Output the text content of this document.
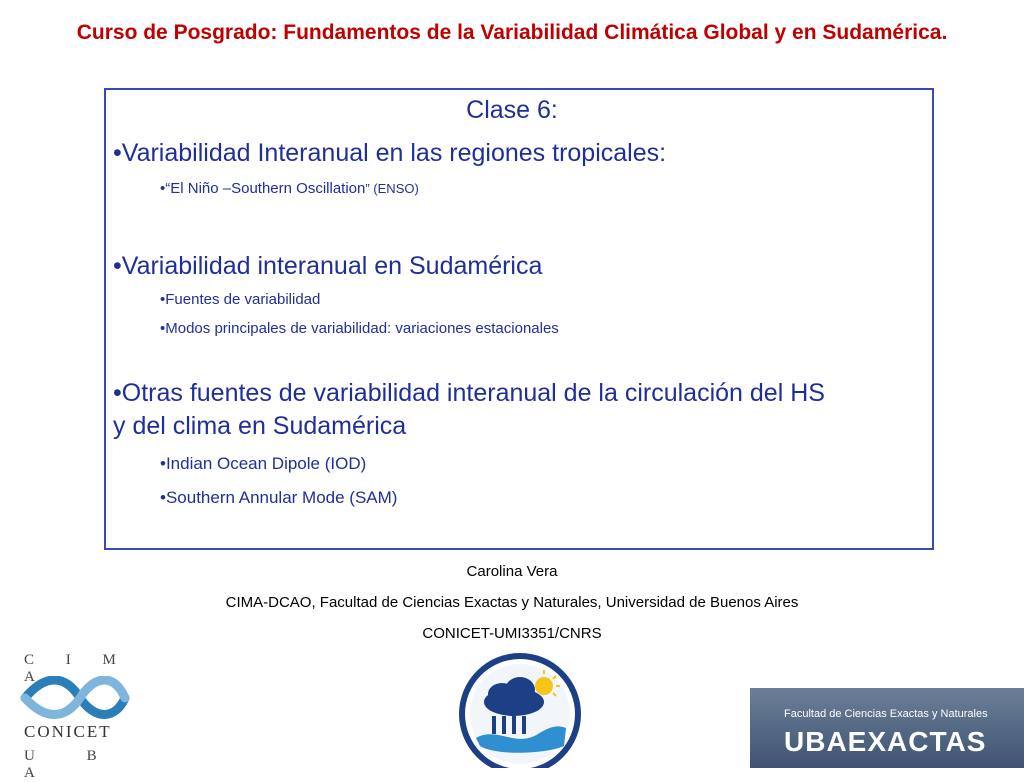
Curso de Posgrado: Fundamentos de la Variabilidad Climática Global y en Sudamérica.
Clase 6:
•Variabilidad Interanual en las regiones tropicales:
•“El Niño –Southern Oscillation” (ENSO)
•Variabilidad interanual en Sudamérica
•Fuentes de variabilidad
•Modos principales de variabilidad: variaciones estacionales
•Otras fuentes de variabilidad interanual de la circulación del HS
y del clima en Sudamérica
•Indian Ocean Dipole (IOD)
•Southern Annular Mode (SAM)
Carolina Vera
CIMA-DCAO, Facultad de Ciencias Exactas y Naturales, Universidad de Buenos Aires
CONICET-UMI3351/CNRS
C I M A
CONICET
U B A
Facultad de Ciencias Exactas y Naturales
UBAEXACTAS
